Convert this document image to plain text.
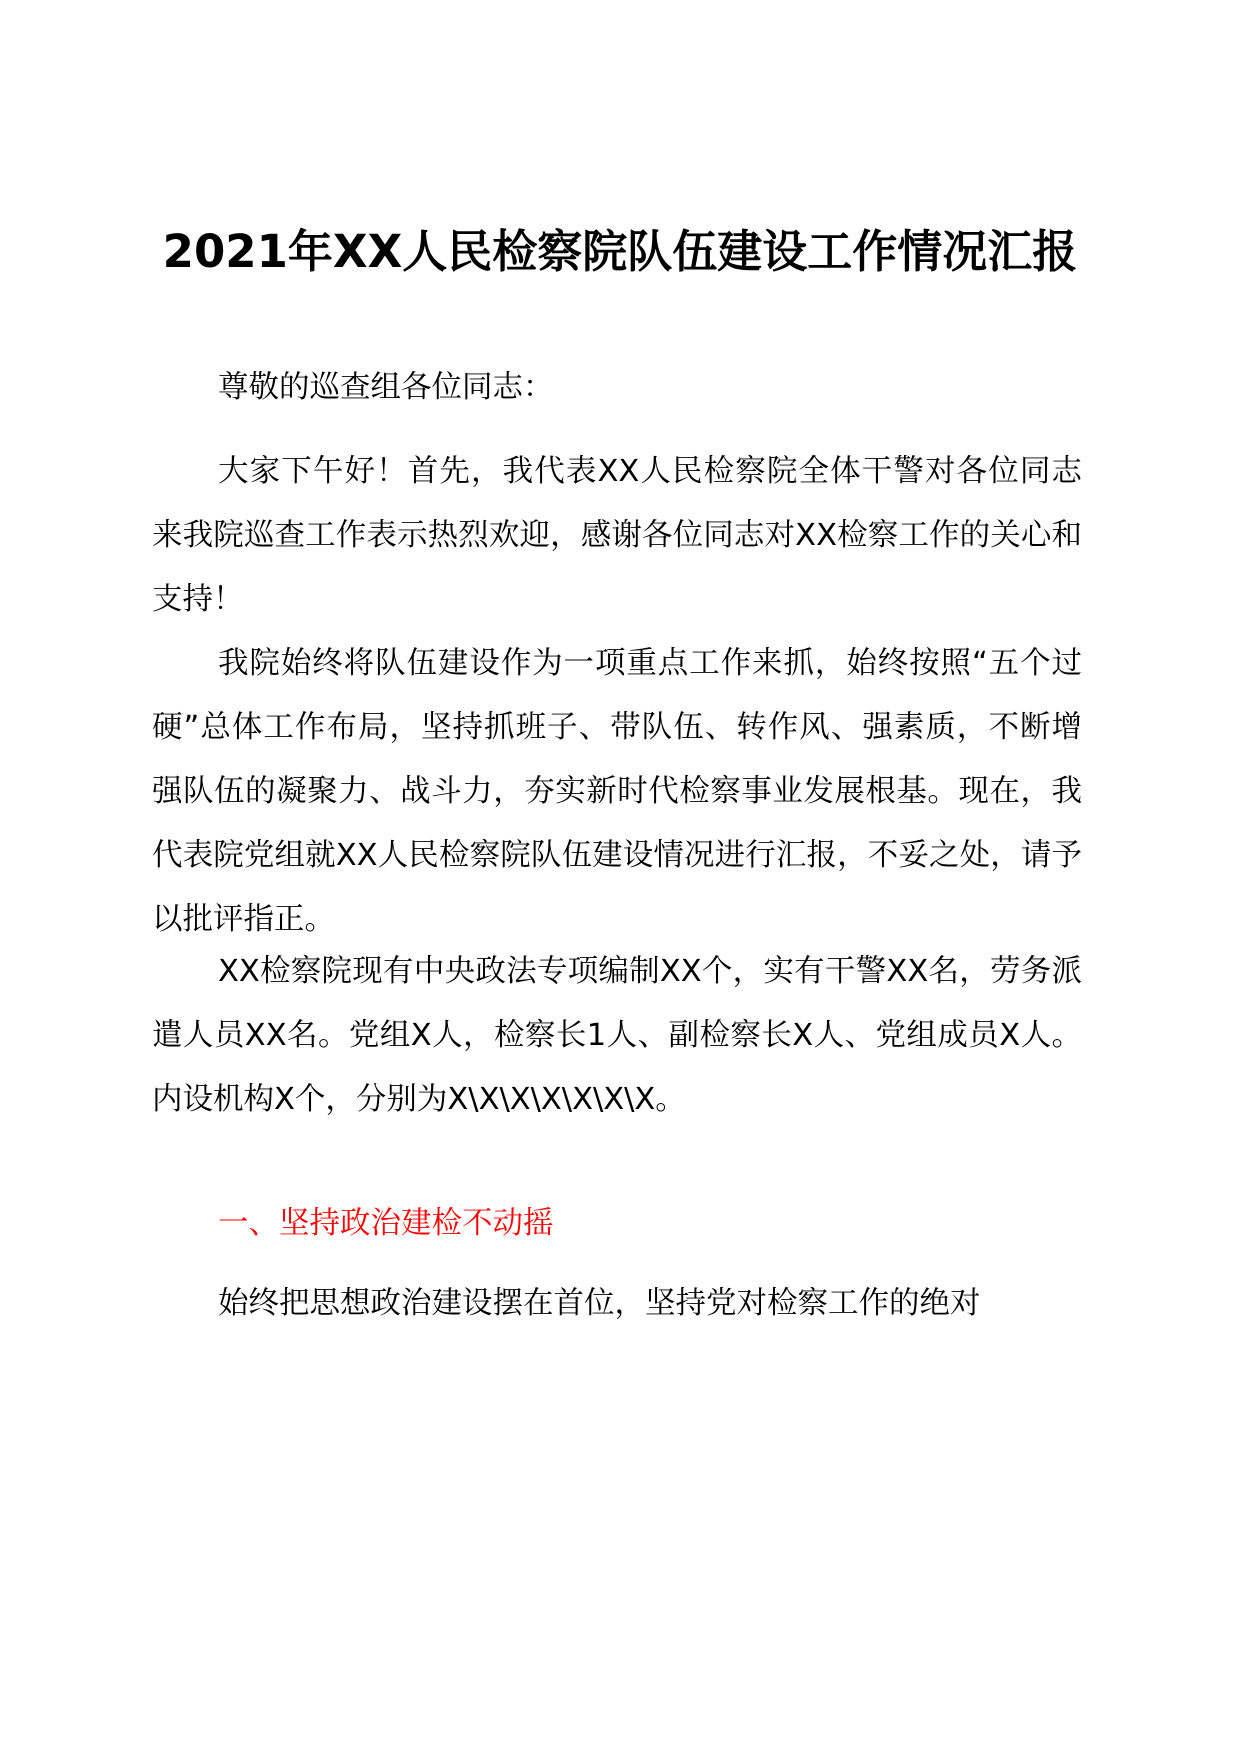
2021年XX人民检察院队伍建设工作情况汇报

尊敬的巡查组各位同志：

大家下午好！首先，我代表XX人民检察院全体干警对各位同志来我院巡查工作表示热烈欢迎，感谢各位同志对XX检察工作的关心和支持！

我院始终将队伍建设作为一项重点工作来抓，始终按照“五个过硬”总体工作布局，坚持抓班子、带队伍、转作风、强素质，不断增强队伍的凝聚力、战斗力，夯实新时代检察事业发展根基。现在，我代表院党组就XX人民检察院队伍建设情况进行汇报，不妥之处，请予以批评指正。

XX检察院现有中央政法专项编制XX个，实有干警XX名，劳务派遣人员XX名。党组X人，检察长1人、副检察长X人、党组成员X人。内设机构X个，分别为X\X\X\X\X\X\X。

一、坚持政治建检不动摇

始终把思想政治建设摆在首位，坚持党对检察工作的绝对
